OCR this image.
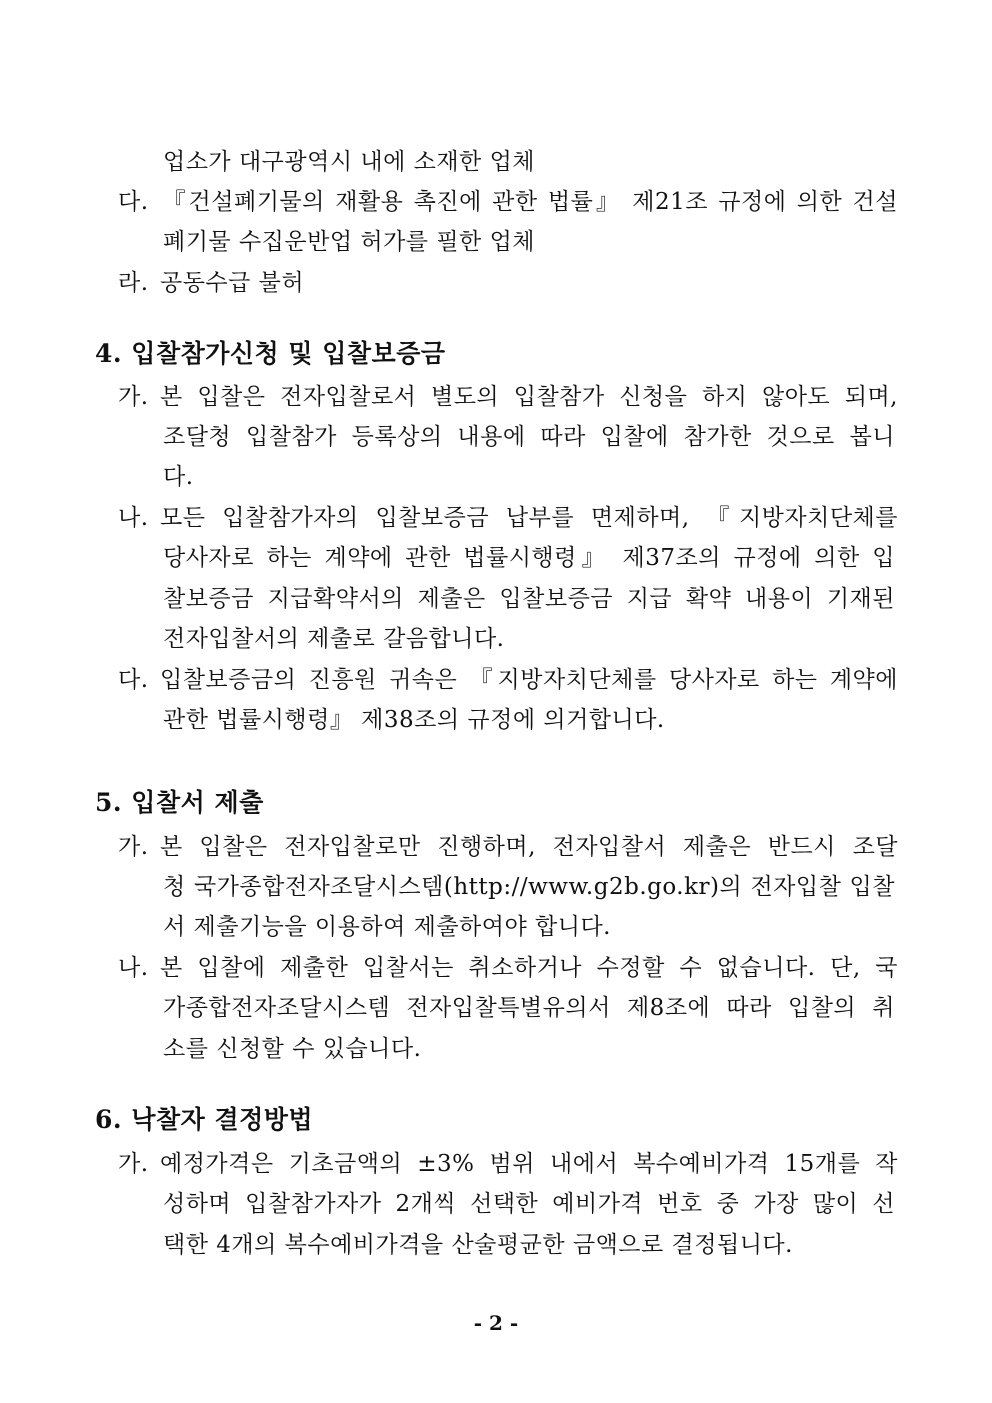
업소가 대구광역시 내에 소재한 업체
다. 『건설폐기물의 재활용 촉진에 관한 법률』 제21조 규정에 의한 건설
폐기물 수집운반업 허가를 필한 업체
라. 공동수급 불허
4. 입찰참가신청 및 입찰보증금
가. 본 입찰은 전자입찰로서 별도의 입찰참가 신청을 하지 않아도 되며,
조달청 입찰참가 등록상의 내용에 따라 입찰에 참가한 것으로 봅니
다.
나. 모든 입찰참가자의 입찰보증금 납부를 면제하며, 『지방자치단체를
당사자로 하는 계약에 관한 법률시행령』 제37조의 규정에 의한 입
찰보증금 지급확약서의 제출은 입찰보증금 지급 확약 내용이 기재된
전자입찰서의 제출로 갈음합니다.
다. 입찰보증금의 진흥원 귀속은 『지방자치단체를 당사자로 하는 계약에
관한 법률시행령』 제38조의 규정에 의거합니다.
5. 입찰서 제출
가. 본 입찰은 전자입찰로만 진행하며, 전자입찰서 제출은 반드시 조달
청 국가종합전자조달시스템(http://www.g2b.go.kr)의 전자입찰 입찰
서 제출기능을 이용하여 제출하여야 합니다.
나. 본 입찰에 제출한 입찰서는 취소하거나 수정할 수 없습니다. 단, 국
가종합전자조달시스템 전자입찰특별유의서 제8조에 따라 입찰의 취
소를 신청할 수 있습니다.
6. 낙찰자 결정방법
가. 예정가격은 기초금액의 ±3% 범위 내에서 복수예비가격 15개를 작
성하며 입찰참가자가 2개씩 선택한 예비가격 번호 중 가장 많이 선
택한 4개의 복수예비가격을 산술평균한 금액으로 결정됩니다.
- 2 -
